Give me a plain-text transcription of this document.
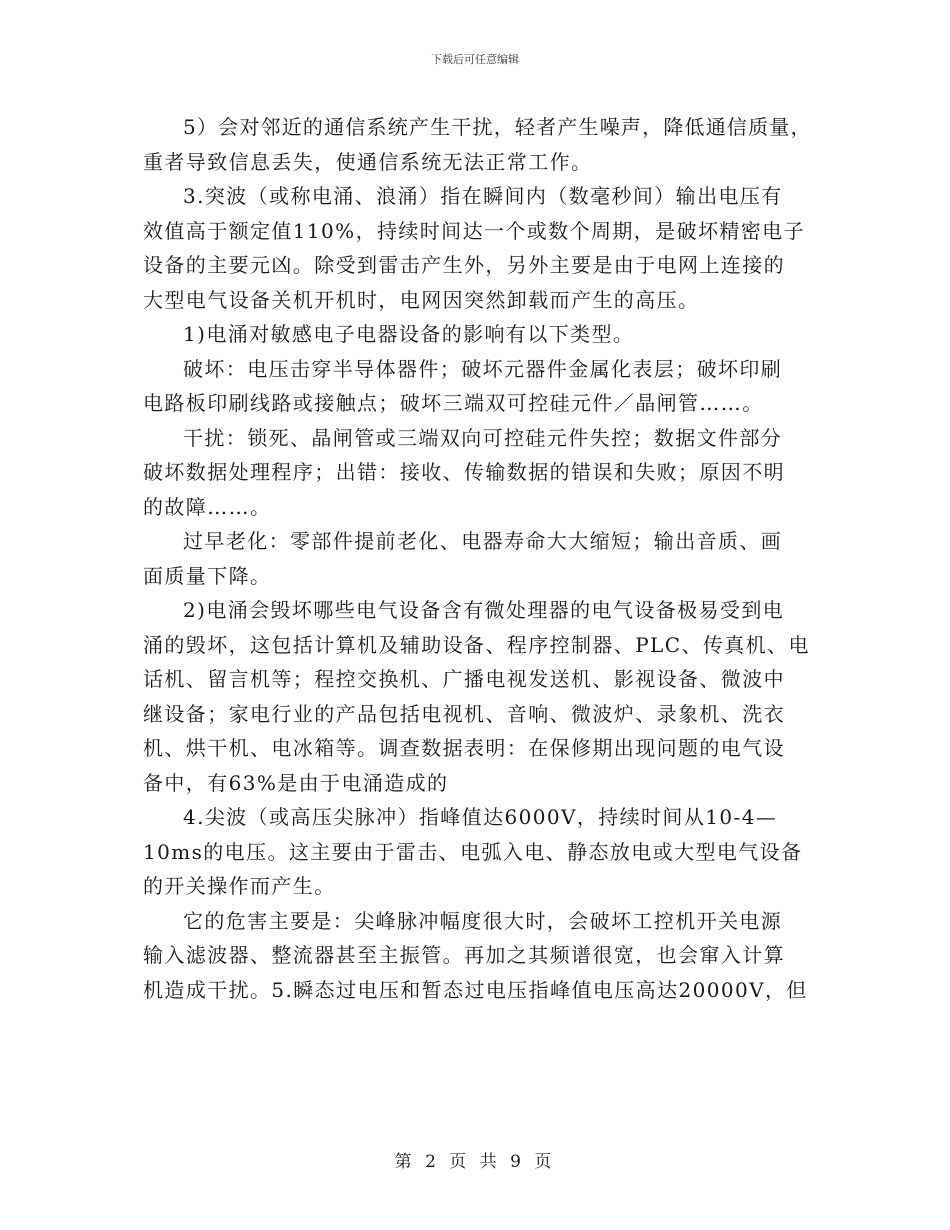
下载后可任意编辑

5）会对邻近的通信系统产生干扰，轻者产生噪声，降低通信质量，
重者导致信息丢失，使通信系统无法正常工作。

3.突波（或称电涌、浪涌）指在瞬间内（数毫秒间）输出电压有
效值高于额定值110%，持续时间达一个或数个周期，是破坏精密电子
设备的主要元凶。除受到雷击产生外，另外主要是由于电网上连接的
大型电气设备关机开机时，电网因突然卸载而产生的高压。

1)电涌对敏感电子电器设备的影响有以下类型。

破坏：电压击穿半导体器件；破坏元器件金属化表层；破坏印刷
电路板印刷线路或接触点；破坏三端双可控硅元件／晶闸管……。

干扰：锁死、晶闸管或三端双向可控硅元件失控；数据文件部分
破坏数据处理程序；出错：接收、传输数据的错误和失败；原因不明
的故障……。

过早老化：零部件提前老化、电器寿命大大缩短；输出音质、画
面质量下降。

2)电涌会毁坏哪些电气设备含有微处理器的电气设备极易受到电
涌的毁坏，这包括计算机及辅助设备、程序控制器、PLC、传真机、电
话机、留言机等；程控交换机、广播电视发送机、影视设备、微波中
继设备；家电行业的产品包括电视机、音响、微波炉、录象机、洗衣
机、烘干机、电冰箱等。调查数据表明：在保修期出现问题的电气设
备中，有63%是由于电涌造成的

4.尖波（或高压尖脉冲）指峰值达6000V，持续时间从10-4—
10ms的电压。这主要由于雷击、电弧入电、静态放电或大型电气设备
的开关操作而产生。

它的危害主要是：尖峰脉冲幅度很大时，会破坏工控机开关电源
输入滤波器、整流器甚至主振管。再加之其频谱很宽，也会窜入计算
机造成干扰。5.瞬态过电压和暂态过电压指峰值电压高达20000V，但

第 2 页 共 9 页
